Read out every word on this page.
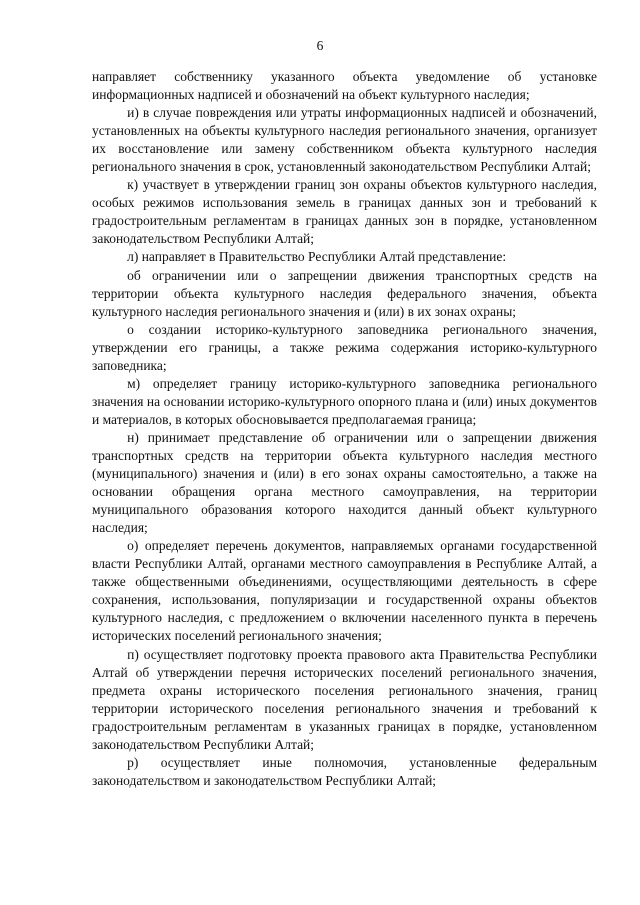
6

направляет собственнику указанного объекта уведомление об установке информационных надписей и обозначений на объект культурного наследия;

и) в случае повреждения или утраты информационных надписей и обозначений, установленных на объекты культурного наследия регионального значения, организует их восстановление или замену собственником объекта культурного наследия регионального значения в срок, установленный законодательством Республики Алтай;

к) участвует в утверждении границ зон охраны объектов культурного наследия, особых режимов использования земель в границах данных зон и требований к градостроительным регламентам в границах данных зон в порядке, установленном законодательством Республики Алтай;

л) направляет в Правительство Республики Алтай представление:

об ограничении или о запрещении движения транспортных средств на территории объекта культурного наследия федерального значения, объекта культурного наследия регионального значения и (или) в их зонах охраны;

о создании историко-культурного заповедника регионального значения, утверждении его границы, а также режима содержания историко-культурного заповедника;

м) определяет границу историко-культурного заповедника регионального значения на основании историко-культурного опорного плана и (или) иных документов и материалов, в которых обосновывается предполагаемая граница;

н) принимает представление об ограничении или о запрещении движения транспортных средств на территории объекта культурного наследия местного (муниципального) значения и (или) в его зонах охраны самостоятельно, а также на основании обращения органа местного самоуправления, на территории муниципального образования которого находится данный объект культурного наследия;

о) определяет перечень документов, направляемых органами государственной власти Республики Алтай, органами местного самоуправления в Республике Алтай, а также общественными объединениями, осуществляющими деятельность в сфере сохранения, использования, популяризации и государственной охраны объектов культурного наследия, с предложением о включении населенного пункта в перечень исторических поселений регионального значения;

п) осуществляет подготовку проекта правового акта Правительства Республики Алтай об утверждении перечня исторических поселений регионального значения, предмета охраны исторического поселения регионального значения, границ территории исторического поселения регионального значения и требований к градостроительным регламентам в указанных границах в порядке, установленном законодательством Республики Алтай;

р) осуществляет иные полномочия, установленные федеральным законодательством и законодательством Республики Алтай;
